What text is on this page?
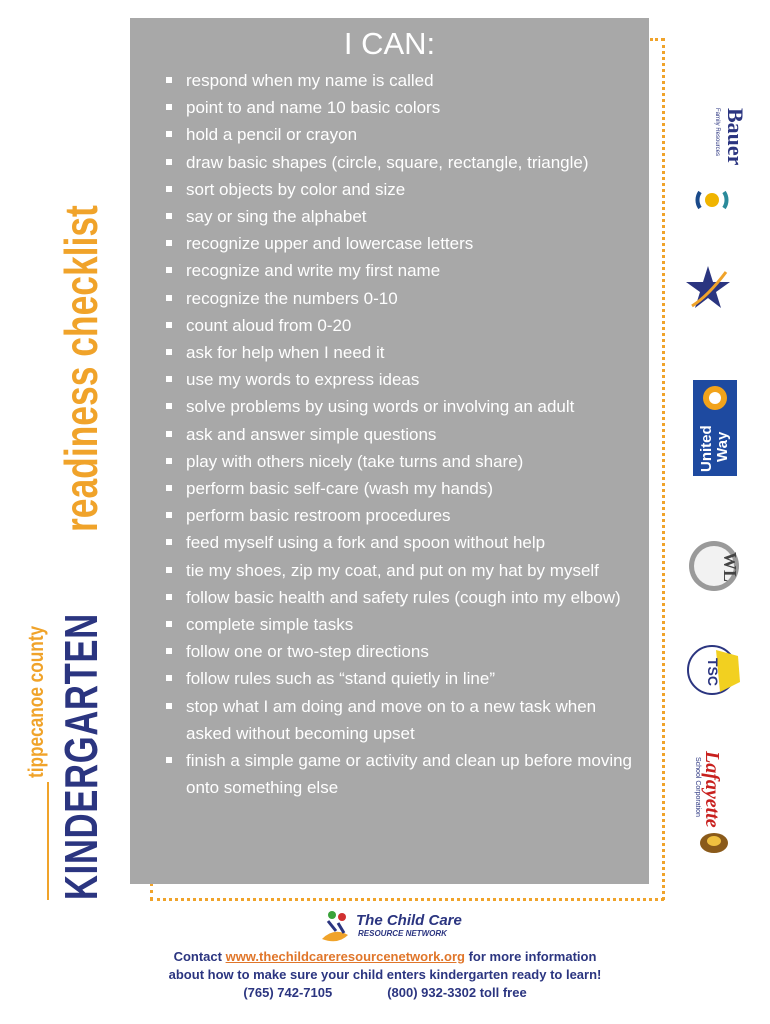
I CAN:
respond when my name is called
point to and name 10 basic colors
hold a pencil or crayon
draw basic shapes (circle, square, rectangle, triangle)
sort objects by color and size
say or sing the alphabet
recognize upper and lowercase letters
recognize and write my first name
recognize the numbers 0-10
count aloud from 0-20
ask for help when I need it
use my words to express ideas
solve problems by using words or involving an adult
ask and answer simple questions
play with others nicely (take turns and share)
perform basic self-care (wash my hands)
perform basic restroom procedures
feed myself using a fork and spoon without help
tie my shoes, zip my coat, and put on my hat by myself
follow basic health and safety rules (cough into my elbow)
complete simple tasks
follow one or two-step directions
follow rules such as “stand quietly in line”
stop what I am doing and move on to a new task when asked without becoming upset
finish a simple game or activity and clean up before moving onto something else
tippecanoe county KINDERGARTEN
readiness checklist
Bauer
Family Resources
United Way
WL
TSC
Lafayette
School Corporation
The Child Care
RESOURCE NETWORK
Contact www.thechildcareresourcenetwork.org for more information
about how to make sure your child enters kindergarten ready to learn!
(765) 742-7105	(800) 932-3302 toll free
